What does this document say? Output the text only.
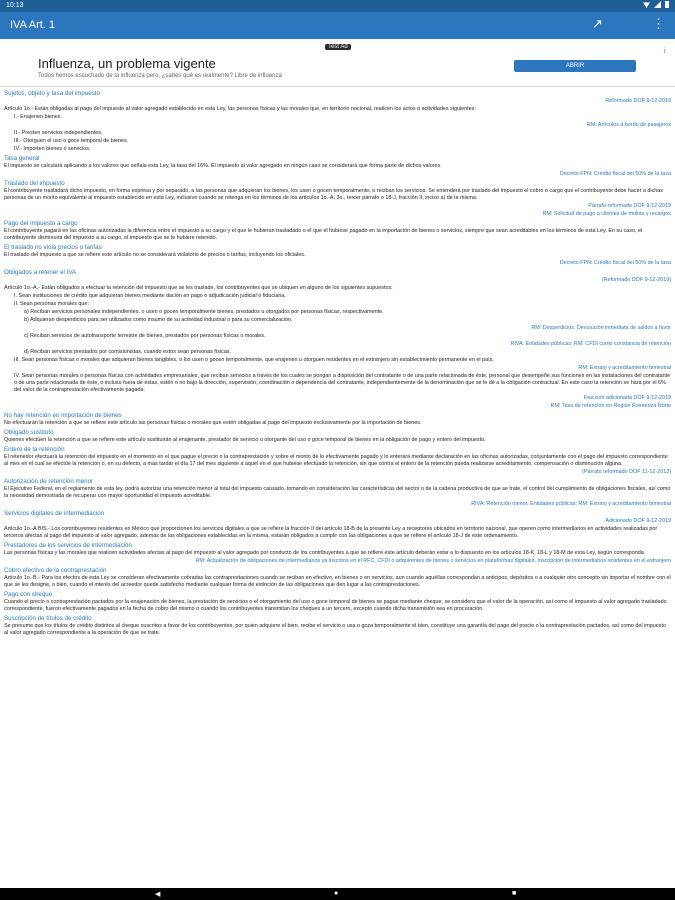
10:13
IVA Art. 1	↗	⋮
Test Ad
Influenza, un problema vigente
Todos hemos escuchado de la influenza pero, ¿sabes qué es realmente? Libre de influenza
ABRIR
i

Sujetos, objeto y tasa del impuesto

Reformado DOF 9-12-2019

Artículo 1o.- Están obligadas al pago del impuesto al valor agregado establecido en esta Ley, las personas físicas y las morales que, en territorio nacional, realicen los actos o actividades siguientes:

I.- Enajenen bienes.

RM: Artículos a bordo de pasajeros

II.- Presten servicios independientes.

III.- Otorguen el uso o goce temporal de bienes.

IV.- Importen bienes o servicios.

Tasa general

El impuesto se calculará aplicando a los valores que señala esta Ley, la tasa del 16%. El impuesto al valor agregado en ningún caso se considerará que forma parte de dichos valores.

Decreto FPN: Crédito fiscal del 50% de la tasa

Traslado del impuesto

El contribuyente trasladará dicho impuesto, en forma expresa y por separado, a las personas que adquieran los bienes, los usen o gocen temporalmente, o reciban los servicios. Se entenderá por traslado del impuesto el cobro o cargo que el contribuyente debe hacer a dichas personas de un monto equivalente al impuesto establecido en esta Ley, inclusive cuando se retenga en los términos de los artículos 1o.-A, 3o., tercer párrafo o 18-J, fracción II, inciso a) de la misma.

Párrafo reformado DOF 9-12-2019

RM: Solicitud de pago a clientes de multas y recargos

Pago del impuesto a cargo

El contribuyente pagará en las oficinas autorizadas la diferencia entre el impuesto a su cargo y el que le hubieran trasladado o el que él hubiese pagado en la importación de bienes o servicios, siempre que sean acreditables en los términos de esta Ley. En su caso, el contribuyente disminuirá del impuesto a su cargo, el impuesto que se le hubiere retenido.

El traslado no viola precios o tarifas

El traslado del impuesto a que se refiere este artículo no se considerará violatorio de precios o tarifas, incluyendo los oficiales.

Decreto FPN: Crédito fiscal del 50% de la tasa

Obligados a retener el IVA

(Reformado DOF 9-12-2019)

Artículo 1o.-A.- Están obligados a efectuar la retención del impuesto que se les traslade, los contribuyentes que se ubiquen en alguno de los siguientes supuestos:

I. Sean instituciones de crédito que adquieran bienes mediante dación en pago o adjudicación judicial o fiduciaria.

II. Sean personas morales que:

a) Reciban servicios personales independientes, o usen o gocen temporalmente bienes, prestados u otorgados por personas físicas, respectivamente.

b) Adquieran desperdicios para ser utilizados como insumo de su actividad industrial o para su comercialización.

RM: Desperdicios, Devolución inmediata de saldos a favor

c) Reciban servicios de autotransporte terrestre de bienes, prestados por personas físicas o morales.

RIVA: Entidades públicas; RM: CFDI como constancia de retención

d) Reciban servicios prestados por comisionistas, cuando estos sean personas físicas.

III. Sean personas físicas o morales que adquieran bienes tangibles, o los usen o gocen temporalmente, que enajenen u otorguen residentes en el extranjero sin establecimiento permanente en el país.

RM: Extranj y acreditamiento bimestral

IV. Sean personas morales o personas físicas con actividades empresariales, que reciban servicios a través de los cuales se pongan a disposición del contratante o de una parte relacionada de éste, personal que desempeñe sus funciones en las instalaciones del contratante o de una parte relacionada de éste, o incluso fuera de éstas, estén o no bajo la dirección, supervisión, coordinación o dependencia del contratante, independientemente de la denominación que se le dé a la obligación contractual. En este caso la retención se hará por el 6% del valor de la contraprestación efectivamente pagada.

Fracción adicionada DOF 9-12-2019

RM: Tasa de retención en Región Fronteriza Norte

No hay retención en importación de bienes

No efectuarán la retención a que se refiere este artículo las personas físicas o morales que estén obligadas al pago del impuesto exclusivamente por la importación de bienes.

Obligado sustituto

Quienes efectúen la retención a que se refiere este artículo sustituirán al enajenante, prestador de servicio u otorgante del uso o goce temporal de bienes en la obligación de pago y entero del impuesto.

Entero de la retención

El retenedor efectuará la retención del impuesto en el momento en el que pague el precio o la contraprestación y sobre el monto de lo efectivamente pagado y lo enterará mediante declaración en las oficinas autorizadas, conjuntamente con el pago del impuesto correspondiente al mes en el cual se efectúe la retención o, en su defecto, a más tardar el día 17 del mes siguiente a aquél en el que hubiese efectuado la retención, sin que contra el entero de la retención pueda realizarse acreditamiento, compensación o disminución alguna.

(Párrafo reformado DOF 11-12-2013)

Autorización de retención menor

El Ejecutivo Federal, en el reglamento de esta ley, podrá autorizar una retención menor al total del impuesto causado, tomando en consideración las características del sector o de la cadena productiva de que se trate, el control del cumplimiento de obligaciones fiscales, así como la necesidad demostrada de recuperar con mayor oportunidad el impuesto acreditable.

RIVA: Retención menor, Entidades públicas; RM: Extranj y acreditamiento bimestral

Servicios digitales de intermediación

Adicionado DOF 9-12-2019

Artículo 1o.-A BIS.- Los contribuyentes residentes en México que proporcionen los servicios digitales a que se refiere la fracción II del artículo 18-B de la presente Ley a receptores ubicados en territorio nacional, que operen como intermediarios en actividades realizadas por terceros afectas al pago del impuesto al valor agregado, además de las obligaciones establecidas en la misma, estarán obligados a cumplir con las obligaciones a que se refiere el artículo 18-J de este ordenamiento.

Prestadores de los servicios de intermediación

Las personas físicas y las morales que realicen actividades afectas al pago del impuesto al valor agregado por conducto de los contribuyentes a que se refiere este artículo deberán estar a lo dispuesto en los artículos 18-K, 18-L y 18-M de esta Ley, según corresponda.

RM: Actualización de obligaciones de intermediarios ya inscritos en el RFC, CFDI o adquirentes de bienes o servicios en plataformas digitales, Inscripción de intermediarios residentes en el extranjero

Cobro efectivo de la contraprestación

Artículo 1o.-B.- Para los efectos de esta Ley se consideran efectivamente cobradas las contraprestaciones cuando se reciban en efectivo, en bienes o en servicios, aun cuando aquéllas correspondan a anticipos, depósitos o a cualquier otro concepto sin importar el nombre con el que se les designe, o bien, cuando el interés del acreedor quede satisfecho mediante cualquier forma de extinción de las obligaciones que den lugar a las contraprestaciones.

Pago con cheque

Cuando el precio o contraprestación pactados por la enajenación de bienes, la prestación de servicios o el otorgamiento del uso o goce temporal de bienes se pague mediante cheque, se considera que el valor de la operación, así como el impuesto al valor agregado trasladado correspondiente, fueron efectivamente pagados en la fecha de cobro del mismo o cuando los contribuyentes transmitan los cheques a un tercero, excepto cuando dicha transmisión sea en procuración.

Suscripción de títulos de crédito

Se presume que los títulos de crédito distintos al cheque suscritos a favor de los contribuyentes, por quien adquiere el bien, recibe el servicio o usa o goza temporalmente el bien, constituye una garantía del pago del precio o la contraprestación pactados, así como del impuesto al valor agregado correspondiente a la operación de que se trate.

◀	●	■
